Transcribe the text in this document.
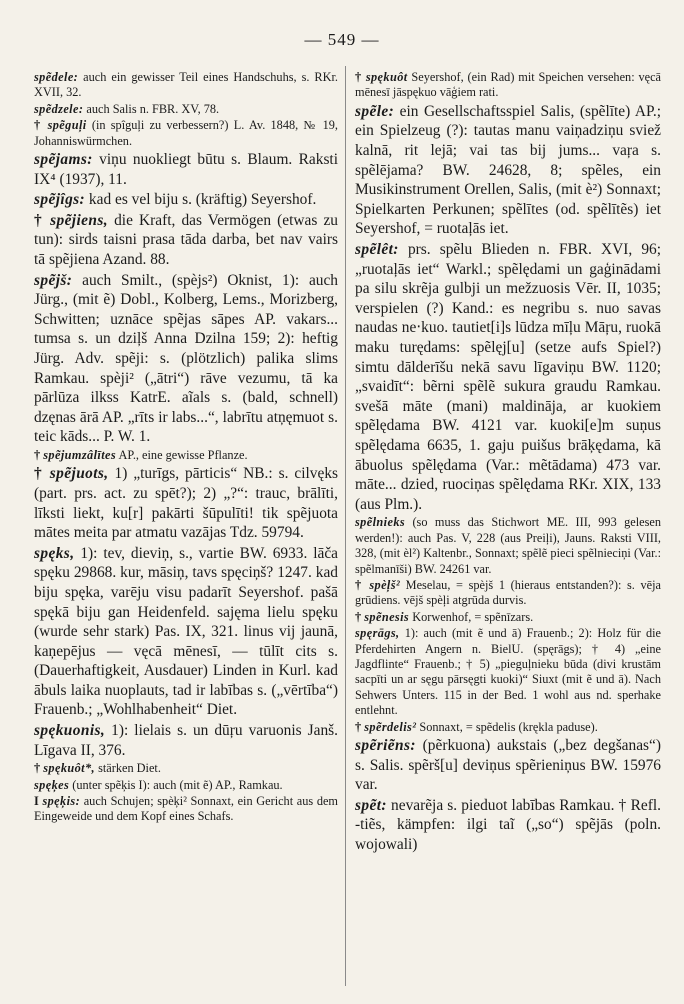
— 549 —
spẽdele: auch ein gewisser Teil eines Handschuhs, s. RKr. XVII, 32.
spẽdzele: auch Salis n. FBR. XV, 78.
† spẽguļi (in spîguļi zu verbessern?) L. Av. 1848, № 19, Johanniswürmchen.
spẽjams: viņu nuokliegt būtu s. Blaum. Raksti IX⁴ (1937), 11.
spẽjîgs: kad es vel biju s. (kräftig) Seyershof.
† spẽjiens, die Kraft, das Vermögen (etwas zu tun): sirds taisni prasa tāda darba, bet nav vairs tā spẽjiena Azand. 88.
spẽjš: auch Smilt., (spèjs²) Oknist, 1): auch Jürg., (mit ẽ) Dobl., Kolberg, Lems., Morizberg, Schwitten; uznāce spẽjas sāpes AP. vakars... tumsa s. un dziļš Anna Dzilna 159; 2): heftig Jürg. Adv. spẽji: s. (plötzlich) palika slims Ramkau. spèji² („ātri“) rāve vezumu, tā ka pārlūza ilkss KatrE. aĩals s. (bald, schnell) dzęnas ārā AP. „rīts ir labs...“, labrītu atņęmuot s. teic kāds... P. W. 1.
† spẽjumzâlītes AP., eine gewisse Pflanze.
† spẽjuots, 1) „turīgs, pārticis“ NB.: s. cilvęks (part. prs. act. zu spēt?); 2) „?“: trauc, brālīti, līksti liekt, ku[r] pakārti šūpulīti! tik spẽjuota mātes meita par atmatu vazājas Tdz. 59794.
spęks, 1): tev, dieviņ, s., vartie BW. 6933. lāča spęku 29868. kur, māsiņ, tavs spęciņš? 1247. kad biju spęka, varēju visu padarīt Seyershof. pašā spękā biju gan Heidenfeld. sajęma lielu spęku (wurde sehr stark) Pas. IX, 321. linus vij jaunā, kaņepējus — vęcā mēnesī, — tūlīt cits s. (Dauerhaftigkeit, Ausdauer) Linden in Kurl. kad ābuls laika nuoplauts, tad ir labības s. („vērtība“) Frauenb.; „Wohlhabenheit“ Diet.
spękuonis, 1): lielais s. un dūŗu varuonis Janš. Līgava II, 376.
† spękuôt*, stärken Diet.
spęķes (unter spẽķis I): auch (mit ẽ) AP., Ramkau.
I spęķis: auch Schujen; spèķi² Sonnaxt, ein Gericht aus dem Eingeweide und dem Kopf eines Schafs.
† spękuôt Seyershof, (ein Rad) mit Speichen versehen: vęcā mēnesī jāspękuo vāģiem rati.
spẽle: ein Gesellschaftsspiel Salis, (spẽlīte) AP.; ein Spielzeug (?): tautas manu vaiņadziņu sviež kalnā, rit lejā; vai tas bij jums... vaŗa s. spẽlējama? BW. 24628, 8; spẽles, ein Musikinstrument Orellen, Salis, (mit è²) Sonnaxt; Spielkarten Perkunen; spẽlītes (od. spẽlītẽs) iet Seyershof, = ruotaļās iet.
spẽlêt: prs. spẽlu Blieden n. FBR. XVI, 96; „ruotaļās iet“ Warkl.; spẽlędami un gaģinādami pa silu skrẽja gulbji un mežzuosis Vēr. II, 1035; verspielen (?) Kand.: es negribu s. nuo savas naudas ne‧kuo. tautiet[i]s lūdza mīļu Māŗu, ruokā maku turędams: spẽlęj[u] (setze aufs Spiel?) simtu dālderīšu nekā savu līgaviņu BW. 1120; „svaidīt“: bẽrni spẽlẽ sukura graudu Ramkau. svešā māte (mani) maldināja, ar kuokiem spẽlędama BW. 4121 var. kuoki[e]m suņus spẽlędama 6635, 1. gaju puišus brāķędama, kā ābuolus spẽlędama (Var.: mẽtādama) 473 var. māte... dzied, ruociņas spẽlędama RKr. XIX, 133 (aus Plm.).
spẽlnieks (so muss das Stichwort ME. III, 993 gelesen werden!): auch Pas. V, 228 (aus Preiļi), Jauns. Raksti VIII, 328, (mit èl²) Kaltenbr., Sonnaxt; spẽlẽ pieci spẽlnieciņi (Var.: spẽlmanīši) BW. 24261 var.
† spèļš² Meselau, = spèjš 1 (hieraus entstanden?): s. vēja grūdiens. vējš spèļi atgrūda durvis.
† spẽnesis Korwenhof, = spẽnīzars.
spęrāgs, 1): auch (mit ẽ und ā) Frauenb.; 2): Holz für die Pferdehirten Angern n. BielU. (spęrāgs); † 4) „eine Jagdflinte“ Frauenb.; † 5) „pieguļnieku būda (divi krustām sacpīti un ar sęgu pārsęgti kuoki)“ Siuxt (mit ẽ und ā). Nach Sehwers Unters. 115 in der Bed. 1 wohl aus nd. sperhake entlehnt.
† spẽrdelis² Sonnaxt, = spẽdelis (krękla paduse).
spẽriẽns: (pẽrkuona) aukstais („bez degšanas“) s. Salis. spẽrš[u] deviņus spẽrieniņus BW. 15976 var.
spẽt: nevarẽja s. pieduot labības Ramkau. † Refl. -tiẽs, kämpfen: ilgi taĩ („so“) spẽjās (poln. wojowali)
